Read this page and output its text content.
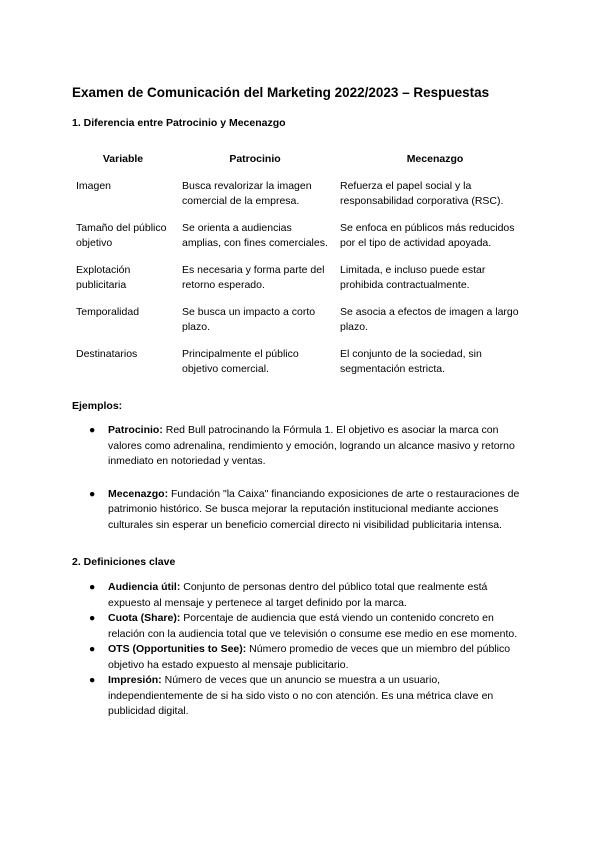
Examen de Comunicación del Marketing 2022/2023 – Respuestas
1. Diferencia entre Patrocinio y Mecenazgo
Variable	Patrocinio	Mecenazgo
Imagen	Busca revalorizar la imagen comercial de la empresa.	Refuerza el papel social y la responsabilidad corporativa (RSC).
Tamaño del público objetivo	Se orienta a audiencias amplias, con fines comerciales.	Se enfoca en públicos más reducidos por el tipo de actividad apoyada.
Explotación publicitaria	Es necesaria y forma parte del retorno esperado.	Limitada, e incluso puede estar prohibida contractualmente.
Temporalidad	Se busca un impacto a corto plazo.	Se asocia a efectos de imagen a largo plazo.
Destinatarios	Principalmente el público objetivo comercial.	El conjunto de la sociedad, sin segmentación estricta.
Ejemplos:
● Patrocinio: Red Bull patrocinando la Fórmula 1. El objetivo es asociar la marca con valores como adrenalina, rendimiento y emoción, logrando un alcance masivo y retorno inmediato en notoriedad y ventas.
● Mecenazgo: Fundación "la Caixa" financiando exposiciones de arte o restauraciones de patrimonio histórico. Se busca mejorar la reputación institucional mediante acciones culturales sin esperar un beneficio comercial directo ni visibilidad publicitaria intensa.
2. Definiciones clave
● Audiencia útil: Conjunto de personas dentro del público total que realmente está expuesto al mensaje y pertenece al target definido por la marca.
● Cuota (Share): Porcentaje de audiencia que está viendo un contenido concreto en relación con la audiencia total que ve televisión o consume ese medio en ese momento.
● OTS (Opportunities to See): Número promedio de veces que un miembro del público objetivo ha estado expuesto al mensaje publicitario.
● Impresión: Número de veces que un anuncio se muestra a un usuario, independientemente de si ha sido visto o no con atención. Es una métrica clave en publicidad digital.
